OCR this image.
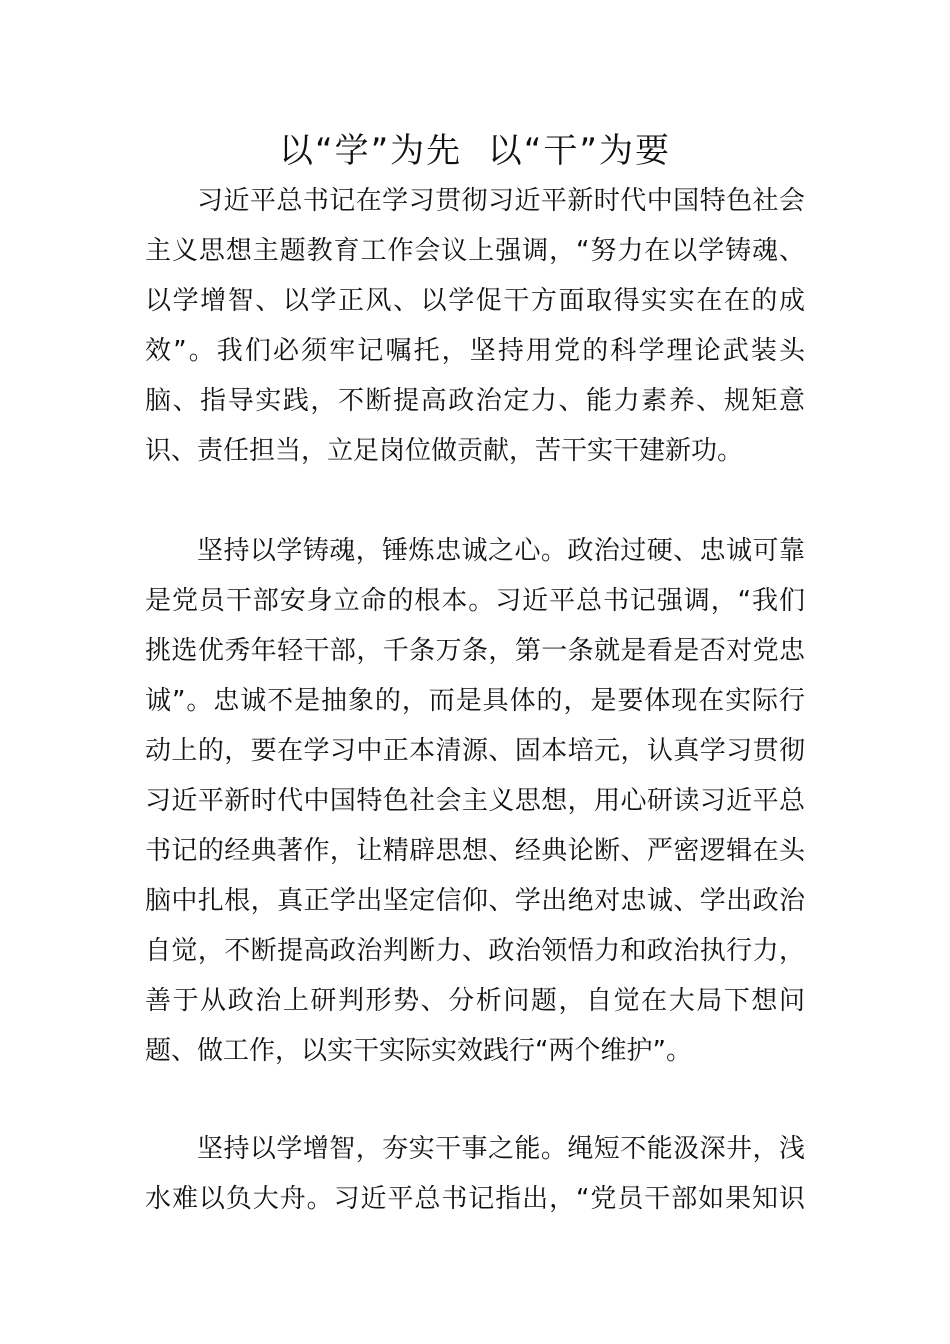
以“学”为先  以“干”为要
习近平总书记在学习贯彻习近平新时代中国特色社会
主义思想主题教育工作会议上强调，“努力在以学铸魂、
以学增智、以学正风、以学促干方面取得实实在在的成
效”。我们必须牢记嘱托，坚持用党的科学理论武装头
脑、指导实践，不断提高政治定力、能力素养、规矩意
识、责任担当，立足岗位做贡献，苦干实干建新功。
坚持以学铸魂，锤炼忠诚之心。政治过硬、忠诚可靠
是党员干部安身立命的根本。习近平总书记强调，“我们
挑选优秀年轻干部，千条万条，第一条就是看是否对党忠
诚”。忠诚不是抽象的，而是具体的，是要体现在实际行
动上的，要在学习中正本清源、固本培元，认真学习贯彻
习近平新时代中国特色社会主义思想，用心研读习近平总
书记的经典著作，让精辟思想、经典论断、严密逻辑在头
脑中扎根，真正学出坚定信仰、学出绝对忠诚、学出政治
自觉，不断提高政治判断力、政治领悟力和政治执行力，
善于从政治上研判形势、分析问题，自觉在大局下想问
题、做工作，以实干实际实效践行“两个维护”。
坚持以学增智，夯实干事之能。绳短不能汲深井，浅
水难以负大舟。习近平总书记指出，“党员干部如果知识
